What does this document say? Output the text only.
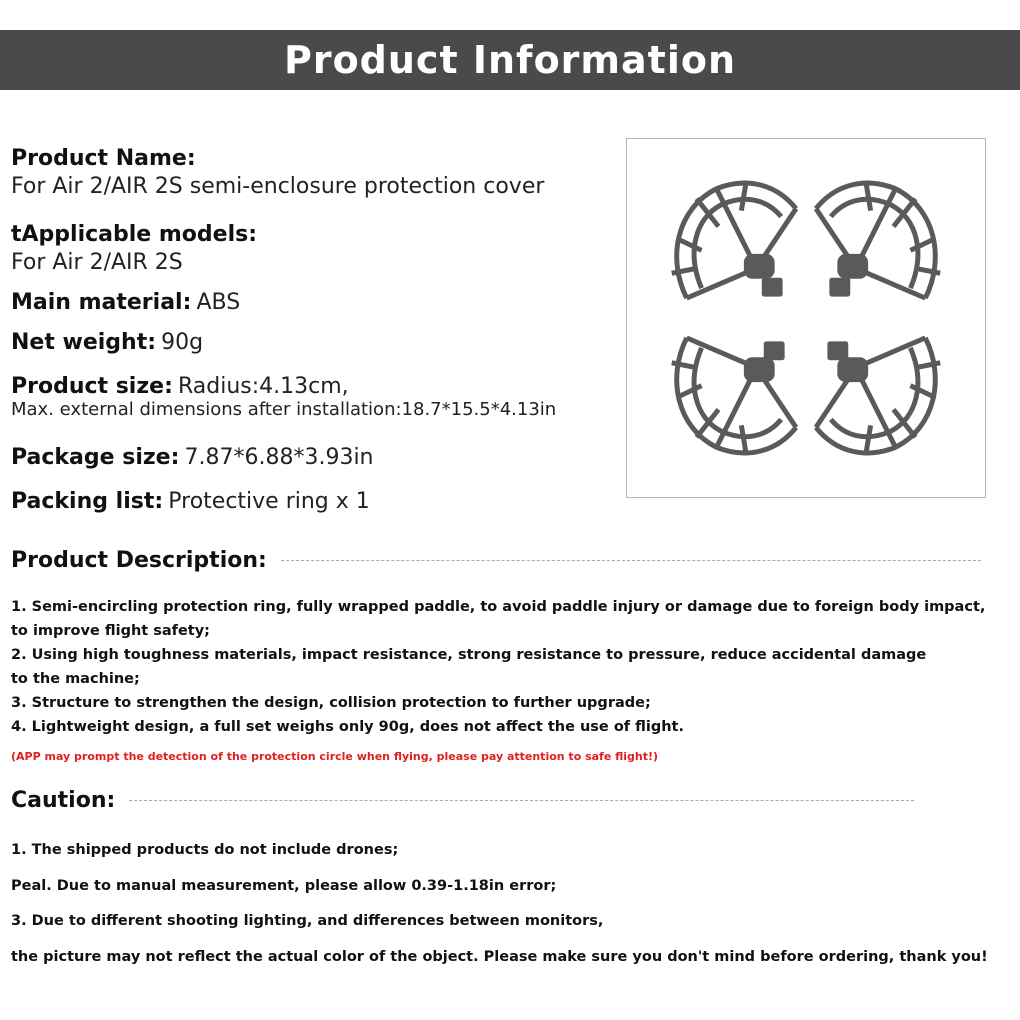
Product Information
Product Name:
For Air 2/AIR 2S semi-enclosure protection cover
tApplicable models:
For Air 2/AIR 2S
Main material: ABS
Net weight: 90g
Product size: Radius:4.13cm,
Max. external dimensions after installation:18.7*15.5*4.13in
Package size: 7.87*6.88*3.93in
Packing list: Protective ring x 1
Product Description:
1. Semi-encircling protection ring, fully wrapped paddle, to avoid paddle injury or damage due to foreign body impact,
to improve flight safety;
2. Using high toughness materials, impact resistance, strong resistance to pressure, reduce accidental damage
to the machine;
3. Structure to strengthen the design, collision protection to further upgrade;
4. Lightweight design, a full set weighs only 90g, does not affect the use of flight.
(APP may prompt the detection of the protection circle when flying, please pay attention to safe flight!)
Caution:
1. The shipped products do not include drones;
Peal. Due to manual measurement, please allow 0.39-1.18in error;
3. Due to different shooting lighting, and differences between monitors,
the picture may not reflect the actual color of the object. Please make sure you don't mind before ordering, thank you!
